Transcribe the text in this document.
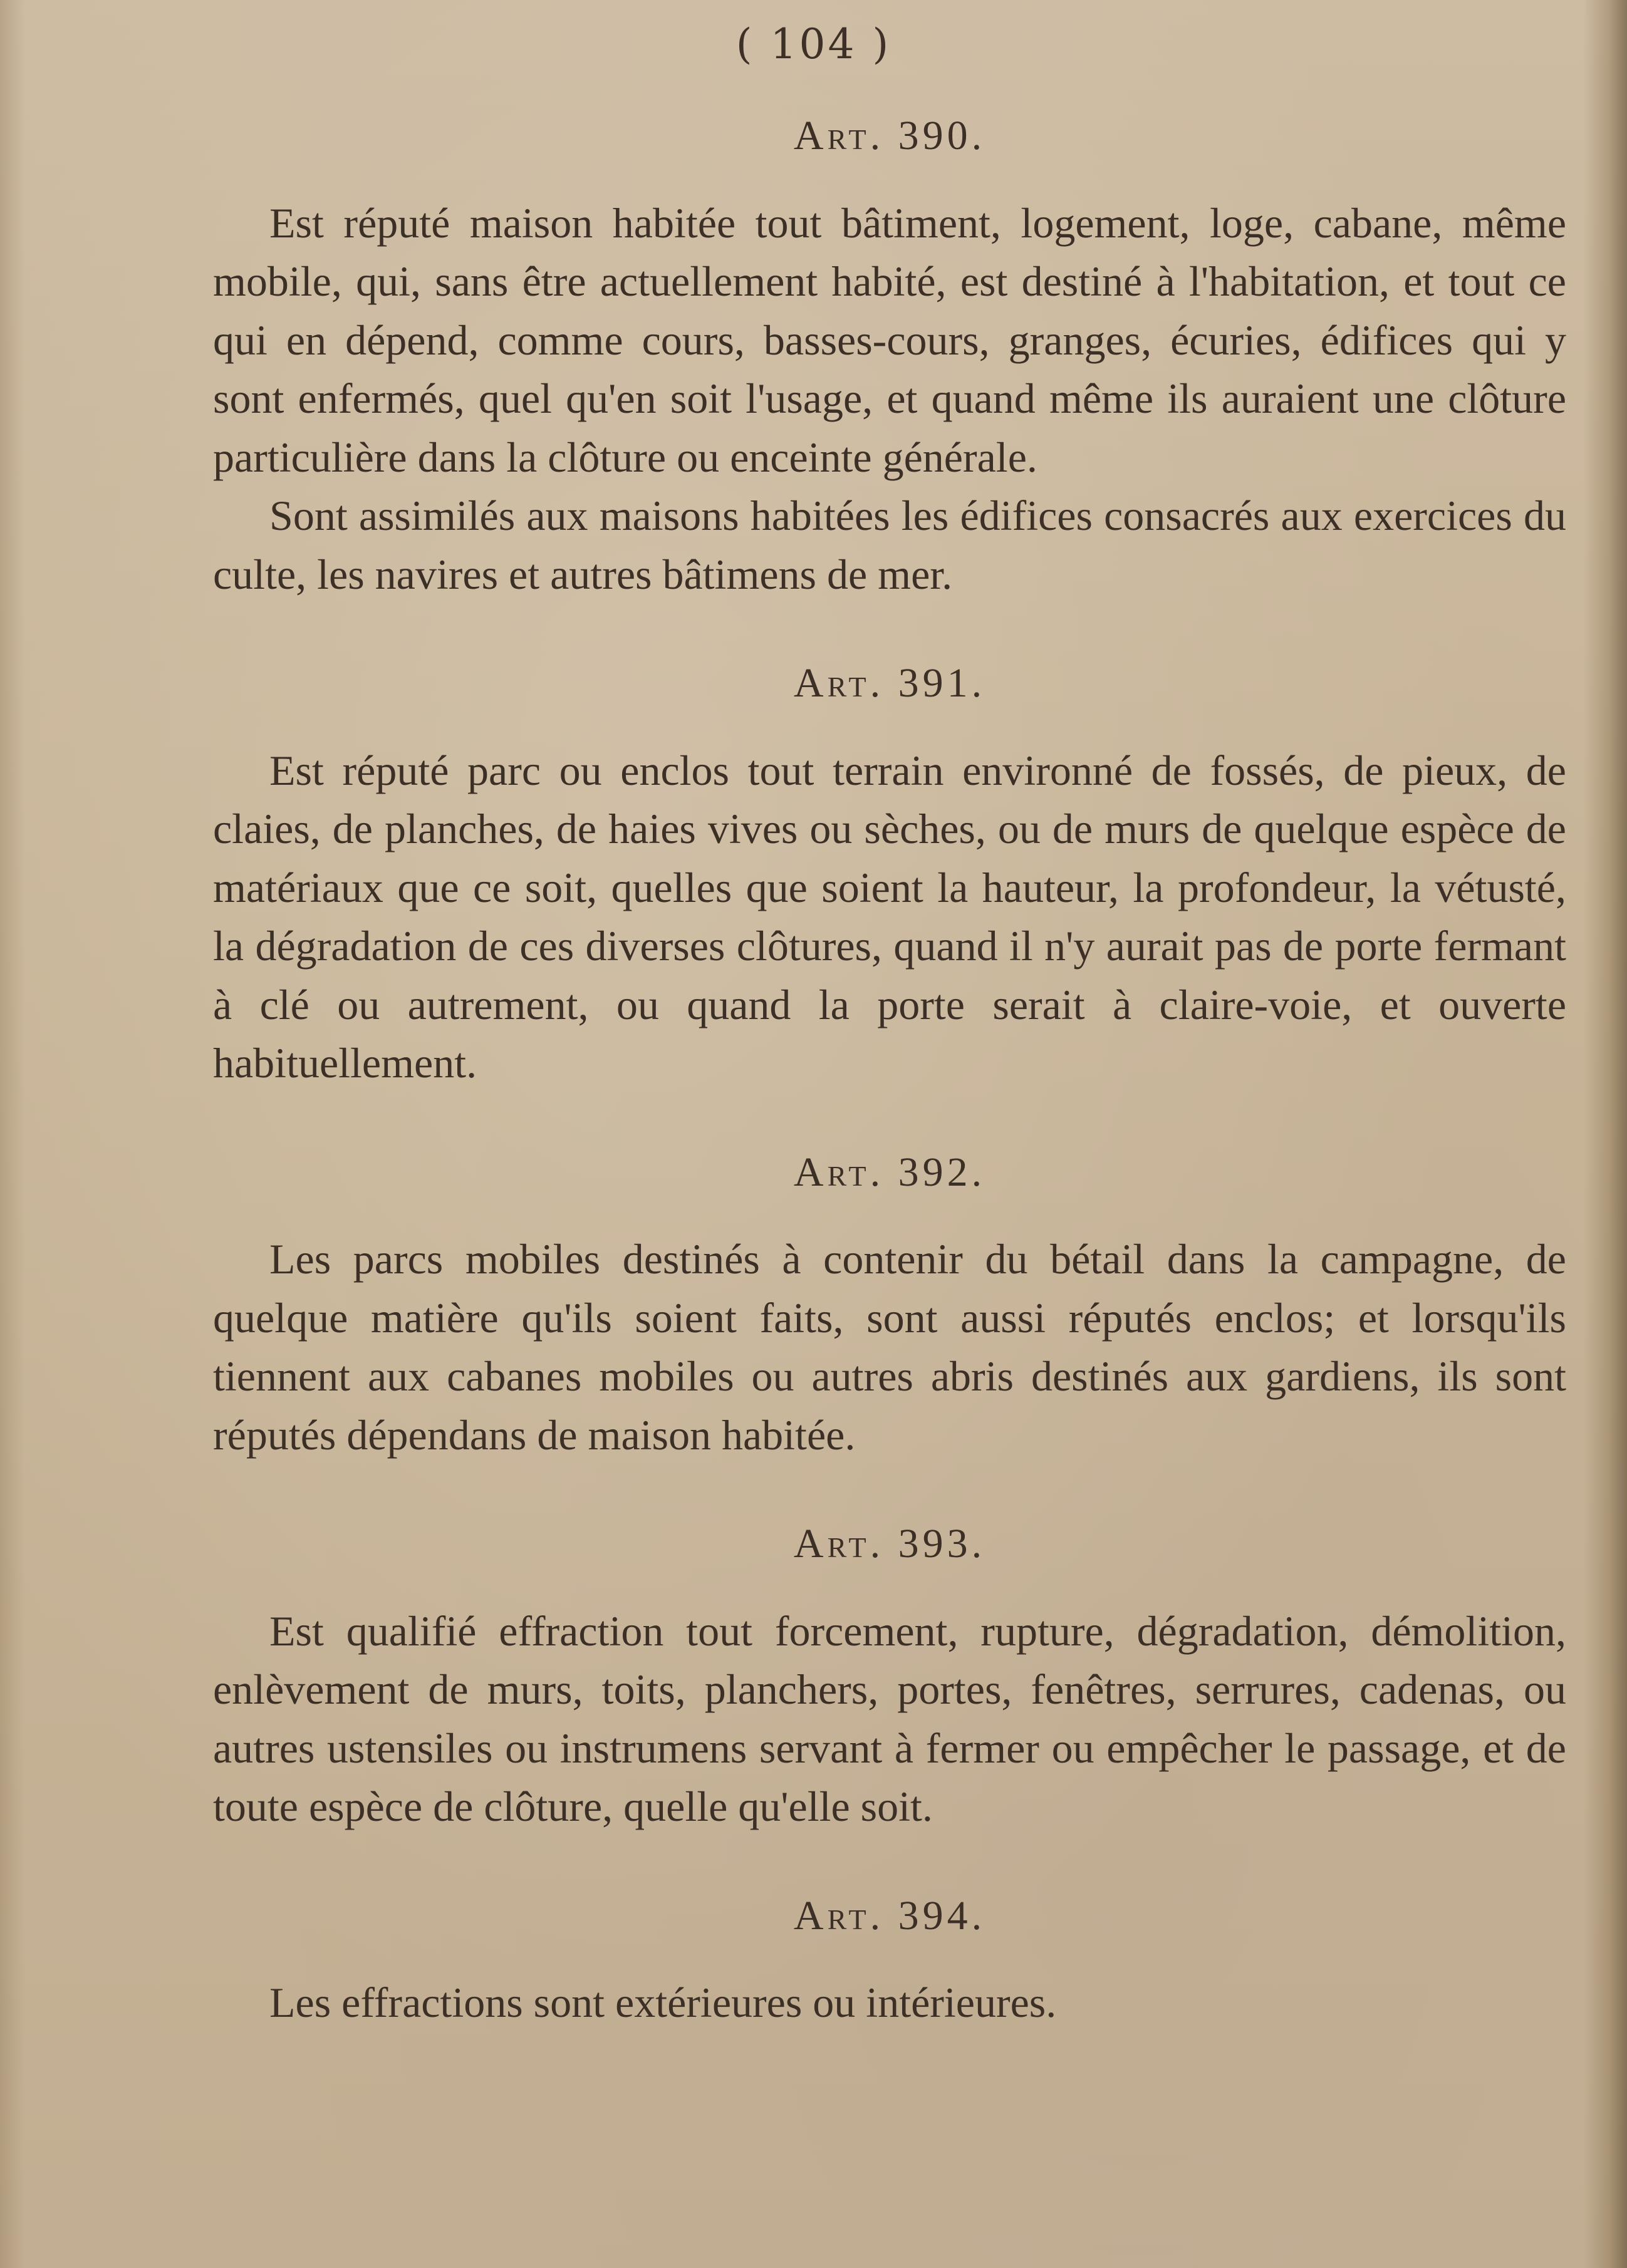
( 104 )
Art. 390.

Est réputé maison habitée tout bâtiment, logement, loge, cabane, même mobile, qui, sans être actuellement habité, est destiné à l'habitation, et tout ce qui en dépend, comme cours, basses-cours, granges, écuries, édifices qui y sont enfermés, quel qu'en soit l'usage, et quand même ils auraient une clôture particulière dans la clôture ou enceinte générale.

Sont assimilés aux maisons habitées les édifices consacrés aux exercices du culte, les navires et autres bâtimens de mer.

Art. 391.

Est réputé parc ou enclos tout terrain environné de fossés, de pieux, de claies, de planches, de haies vives ou sèches, ou de murs de quelque espèce de matériaux que ce soit, quelles que soient la hauteur, la profondeur, la vétusté, la dégradation de ces diverses clôtures, quand il n'y aurait pas de porte fermant à clé ou autrement, ou quand la porte serait à claire-voie, et ouverte habituellement.

Art. 392.

Les parcs mobiles destinés à contenir du bétail dans la campagne, de quelque matière qu'ils soient faits, sont aussi réputés enclos; et lorsqu'ils tiennent aux cabanes mobiles ou autres abris destinés aux gardiens, ils sont réputés dépendans de maison habitée.

Art. 393.

Est qualifié effraction tout forcement, rupture, dégradation, démolition, enlèvement de murs, toits, planchers, portes, fenêtres, serrures, cadenas, ou autres ustensiles ou instrumens servant à fermer ou empêcher le passage, et de toute espèce de clôture, quelle qu'elle soit.

Art. 394.

Les effractions sont extérieures ou intérieures.
